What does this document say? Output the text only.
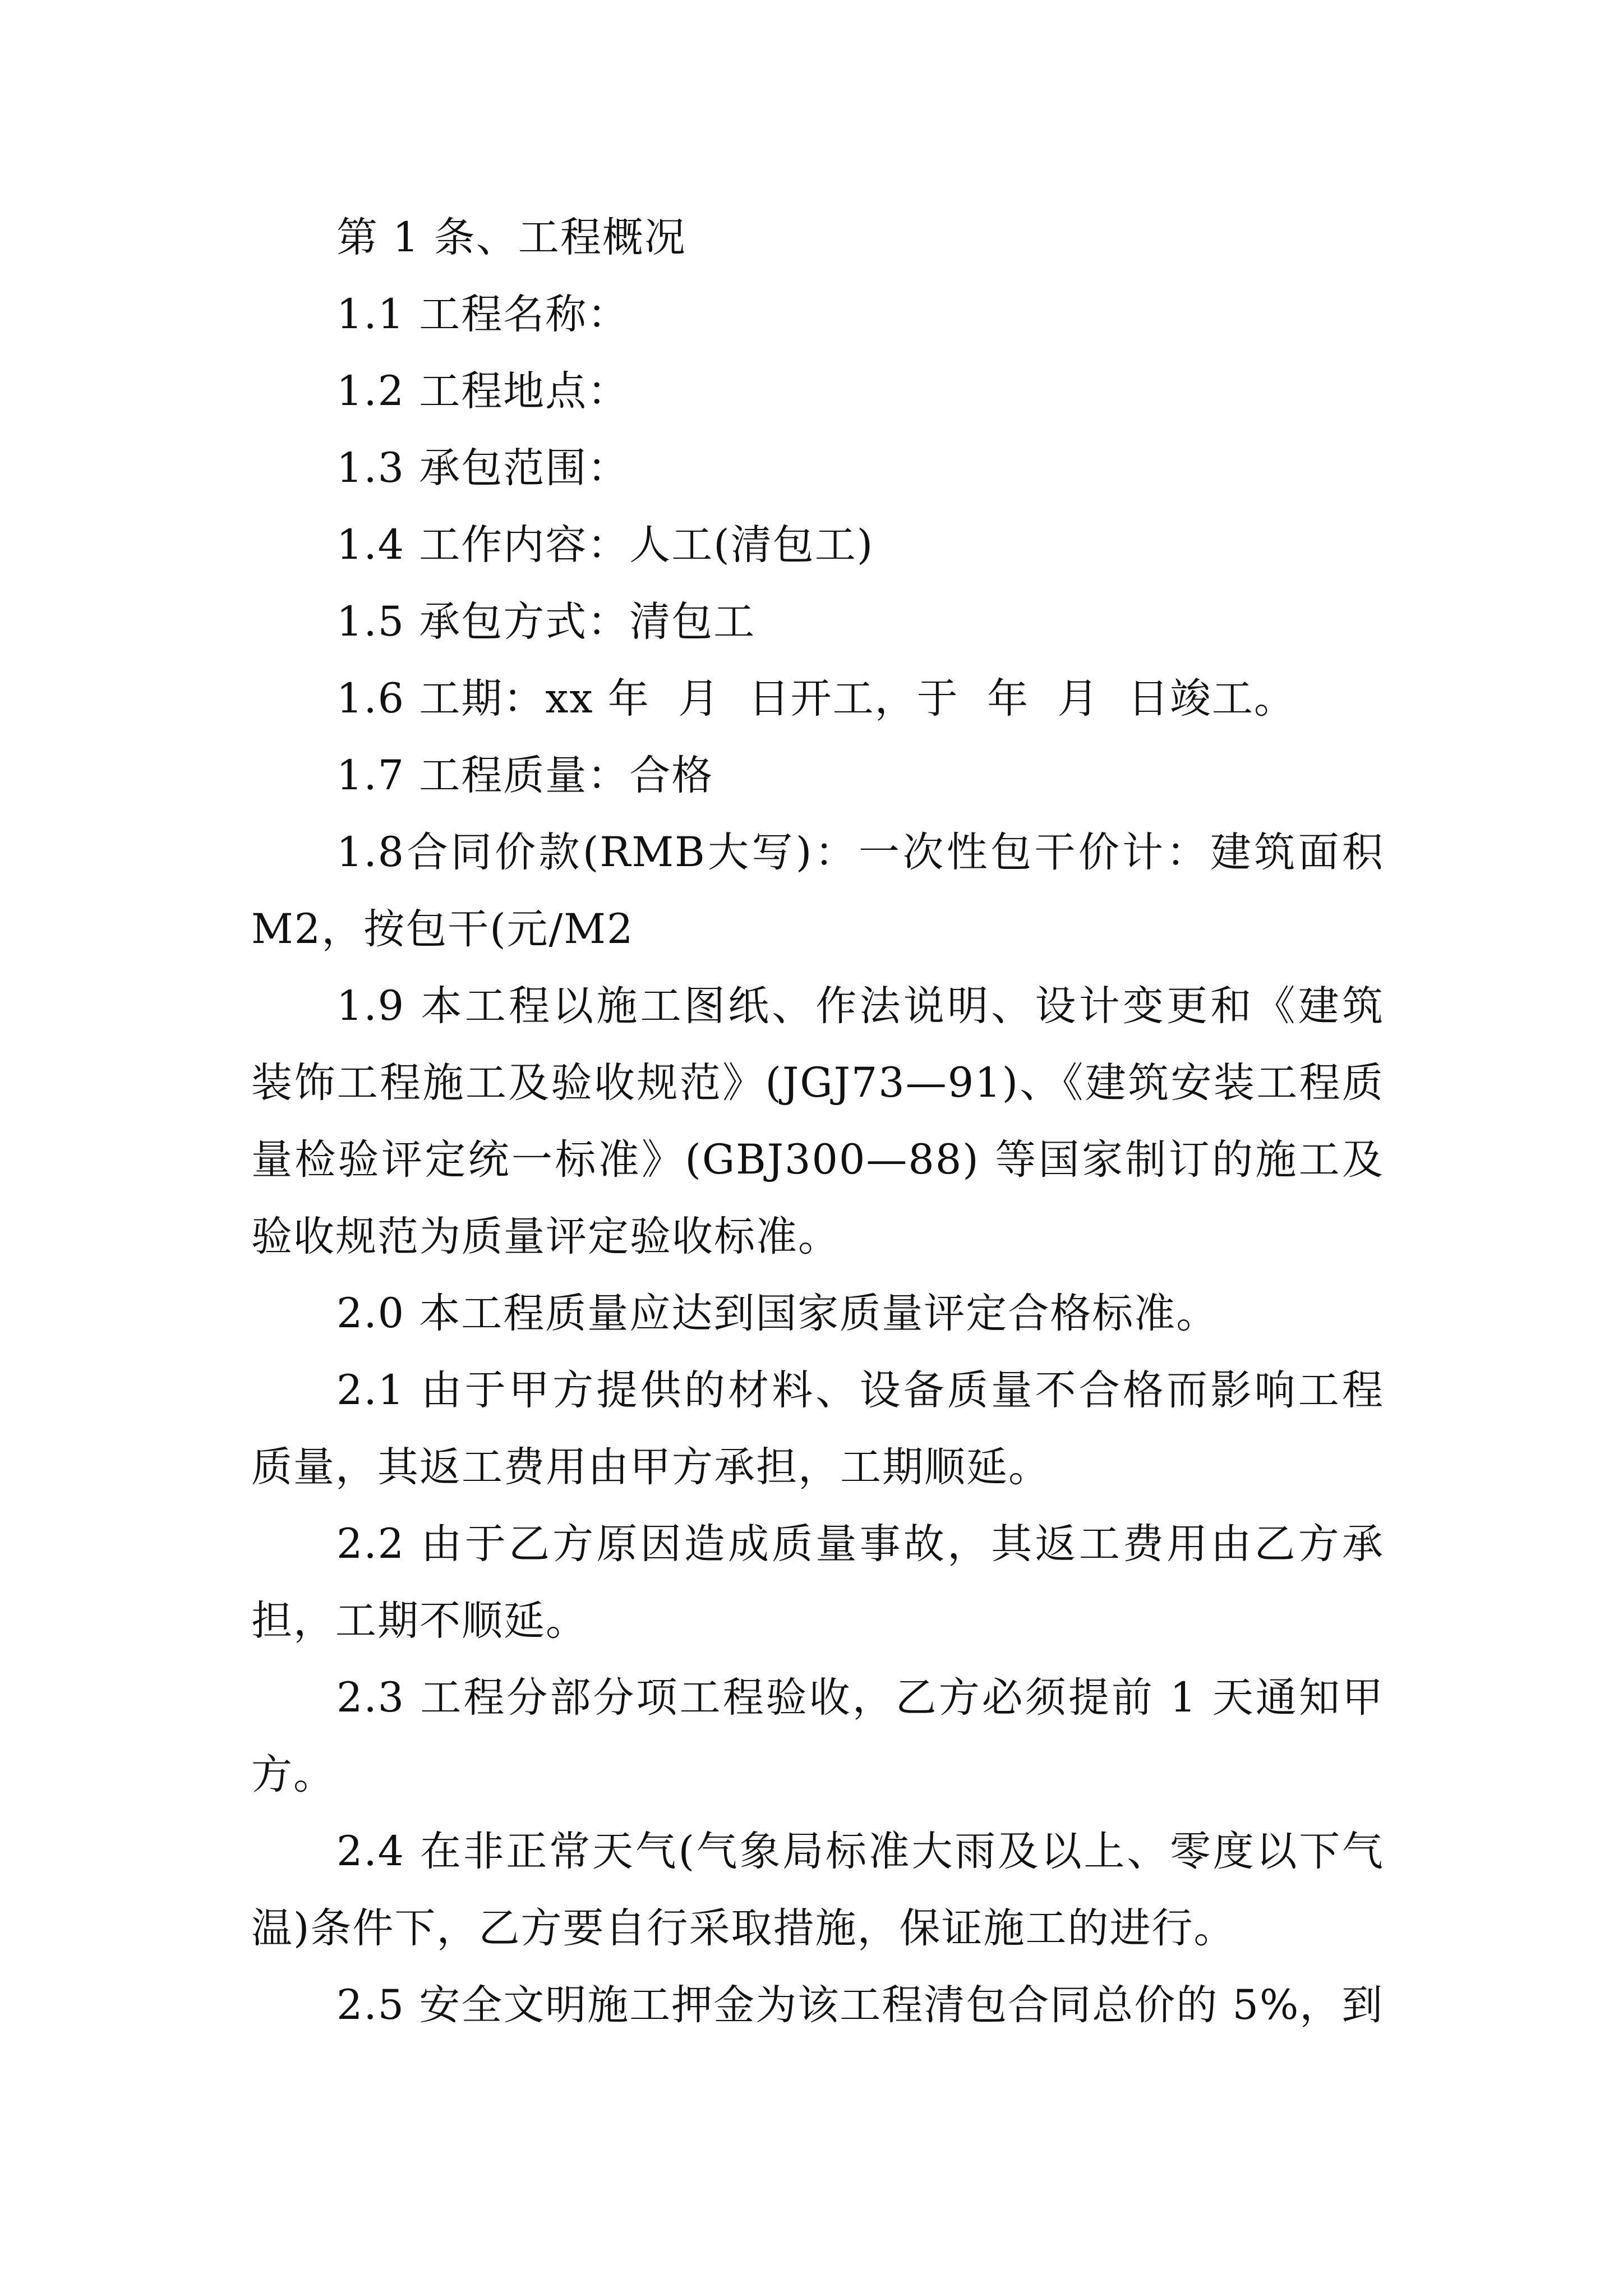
第 1 条、工程概况

1.1 工程名称：

1.2 工程地点：

1.3 承包范围：

1.4 工作内容：人工(清包工)

1.5 承包方式：清包工

1.6 工期：xx 年  月  日开工，于  年  月  日竣工。

1.7 工程质量：合格

1.8合同价款(RMB大写)：一次性包干价计：建筑面积 M2，按包干(元/M2

1.9 本工程以施工图纸、作法说明、设计变更和《建筑装饰工程施工及验收规范》(JGJ73—91)、《建筑安装工程质量检验评定统一标准》(GBJ300—88) 等国家制订的施工及验收规范为质量评定验收标准。

2.0 本工程质量应达到国家质量评定合格标准。

2.1 由于甲方提供的材料、设备质量不合格而影响工程质量，其返工费用由甲方承担，工期顺延。

2.2 由于乙方原因造成质量事故，其返工费用由乙方承担，工期不顺延。

2.3 工程分部分项工程验收，乙方必须提前 1 天通知甲方。

2.4 在非正常天气(气象局标准大雨及以上、零度以下气温)条件下，乙方要自行采取措施，保证施工的进行。

2.5 安全文明施工押金为该工程清包合同总价的 5%，到
